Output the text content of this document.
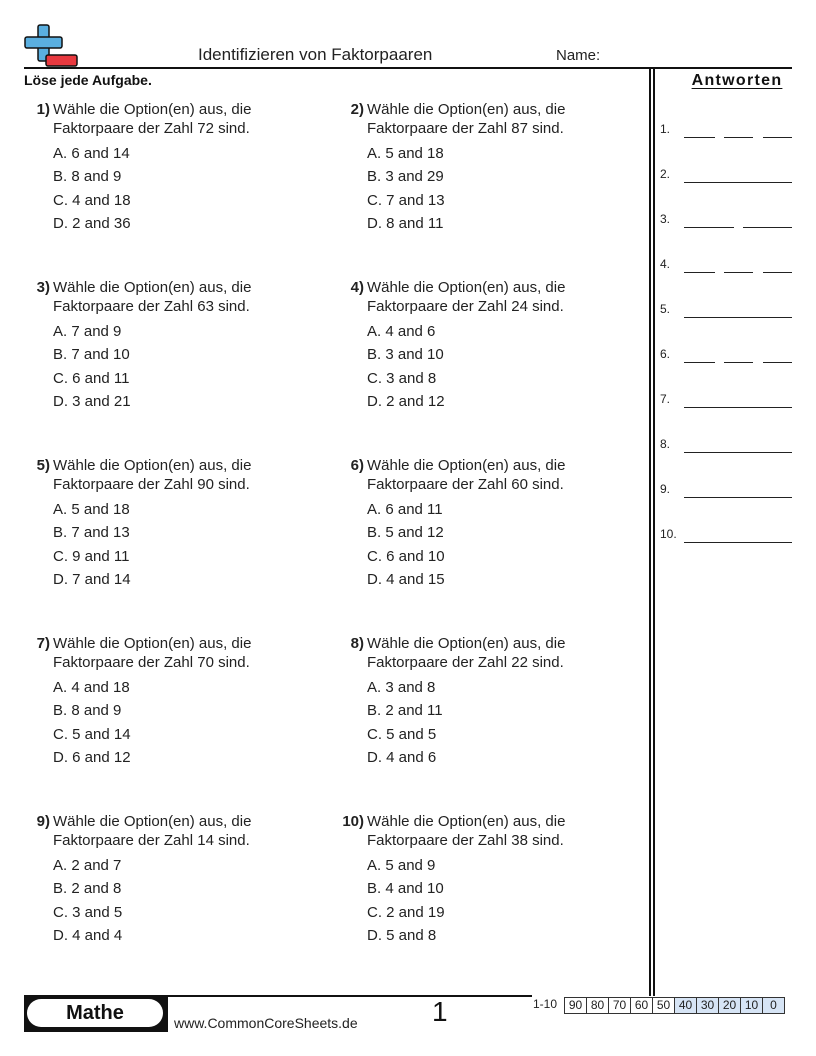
Identifizieren von Faktorpaaren	Name:
Löse jede Aufgabe.
1) Wähle die Option(en) aus, die Faktorpaare der Zahl 72 sind.
A. 6 and 14
B. 8 and 9
C. 4 and 18
D. 2 and 36
2) Wähle die Option(en) aus, die Faktorpaare der Zahl 87 sind.
A. 5 and 18
B. 3 and 29
C. 7 and 13
D. 8 and 11
3) Wähle die Option(en) aus, die Faktorpaare der Zahl 63 sind.
A. 7 and 9
B. 7 and 10
C. 6 and 11
D. 3 and 21
4) Wähle die Option(en) aus, die Faktorpaare der Zahl 24 sind.
A. 4 and 6
B. 3 and 10
C. 3 and 8
D. 2 and 12
5) Wähle die Option(en) aus, die Faktorpaare der Zahl 90 sind.
A. 5 and 18
B. 7 and 13
C. 9 and 11
D. 7 and 14
6) Wähle die Option(en) aus, die Faktorpaare der Zahl 60 sind.
A. 6 and 11
B. 5 and 12
C. 6 and 10
D. 4 and 15
7) Wähle die Option(en) aus, die Faktorpaare der Zahl 70 sind.
A. 4 and 18
B. 8 and 9
C. 5 and 14
D. 6 and 12
8) Wähle die Option(en) aus, die Faktorpaare der Zahl 22 sind.
A. 3 and 8
B. 2 and 11
C. 5 and 5
D. 4 and 6
9) Wähle die Option(en) aus, die Faktorpaare der Zahl 14 sind.
A. 2 and 7
B. 2 and 8
C. 3 and 5
D. 4 and 4
10) Wähle die Option(en) aus, die Faktorpaare der Zahl 38 sind.
A. 5 and 9
B. 4 and 10
C. 2 and 19
D. 5 and 8
Antworten
1.
2.
3.
4.
5.
6.
7.
8.
9.
10.
Mathe	www.CommonCoreSheets.de	1	1-10 90	80	70	60	50	40	30	20	10	0
